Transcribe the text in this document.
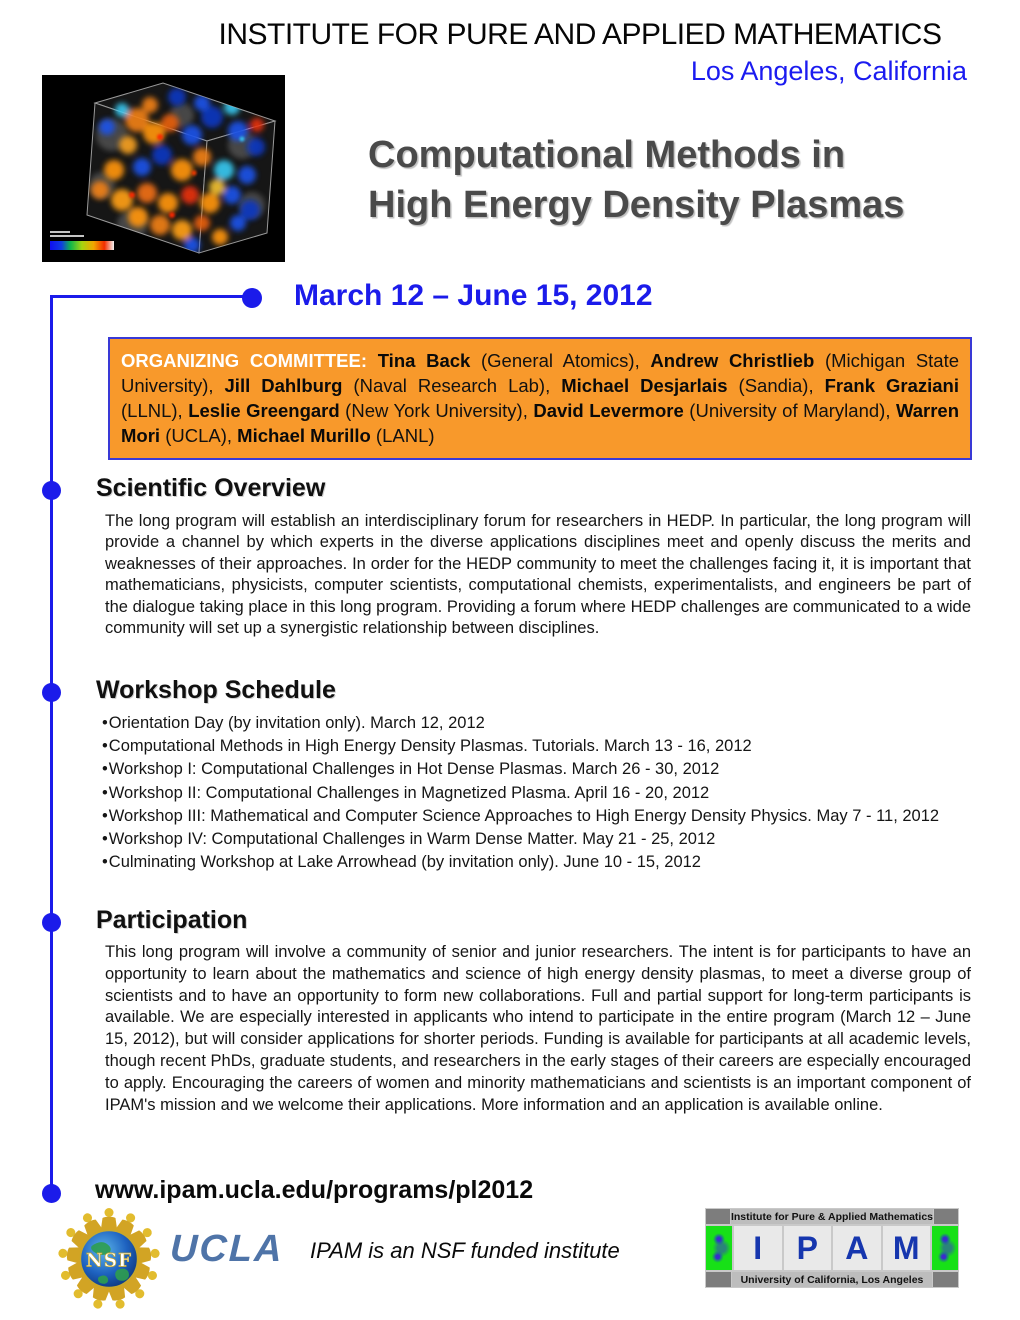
INSTITUTE FOR PURE AND APPLIED MATHEMATICS
Los Angeles, California
Computational Methods in
High Energy Density Plasmas
March 12 – June 15, 2012
ORGANIZING COMMITTEE: Tina Back (General Atomics), Andrew Christlieb (Michigan State University), Jill Dahlburg (Naval Research Lab), Michael Desjarlais (Sandia), Frank Graziani (LLNL), Leslie Greengard (New York University), David Levermore (University of Maryland), Warren Mori (UCLA), Michael Murillo (LANL)
Scientific Overview
The long program will establish an interdisciplinary forum for researchers in HEDP. In particular, the long program will provide a channel by which experts in the diverse applications disciplines meet and openly discuss the merits and weaknesses of their approaches. In order for the HEDP community to meet the challenges facing it, it is important that mathematicians, physicists, computer scientists, computational chemists, experimentalists, and engineers be part of the dialogue taking place in this long program. Providing a forum where HEDP challenges are communicated to a wide community will set up a synergistic relationship between disciplines.
Workshop Schedule
• Orientation Day (by invitation only). March 12, 2012
• Computational Methods in High Energy Density Plasmas. Tutorials. March 13 - 16, 2012
• Workshop I: Computational Challenges in Hot Dense Plasmas. March 26 - 30, 2012
• Workshop II: Computational Challenges in Magnetized Plasma. April 16 - 20, 2012
• Workshop III: Mathematical and Computer Science Approaches to High Energy Density Physics. May 7 - 11, 2012
• Workshop IV: Computational Challenges in Warm Dense Matter. May 21 - 25, 2012
• Culminating Workshop at Lake Arrowhead (by invitation only). June 10 - 15, 2012
Participation
This long program will involve a community of senior and junior researchers. The intent is for participants to have an opportunity to learn about the mathematics and science of high energy density plasmas, to meet a diverse group of scientists and to have an opportunity to form new collaborations. Full and partial support for long-term participants is available. We are especially interested in applicants who intend to participate in the entire program (March 12 – June 15, 2012), but will consider applications for shorter periods. Funding is available for participants at all academic levels, though recent PhDs, graduate students, and researchers in the early stages of their careers are especially encouraged to apply. Encouraging the careers of women and minority mathematicians and scientists is an important component of IPAM's mission and we welcome their applications. More information and an application is available online.
www.ipam.ucla.edu/programs/pl2012
NSF UCLA IPAM is an NSF funded institute
Institute for Pure & Applied Mathematics
I	P A M
University of California, Los Angeles
